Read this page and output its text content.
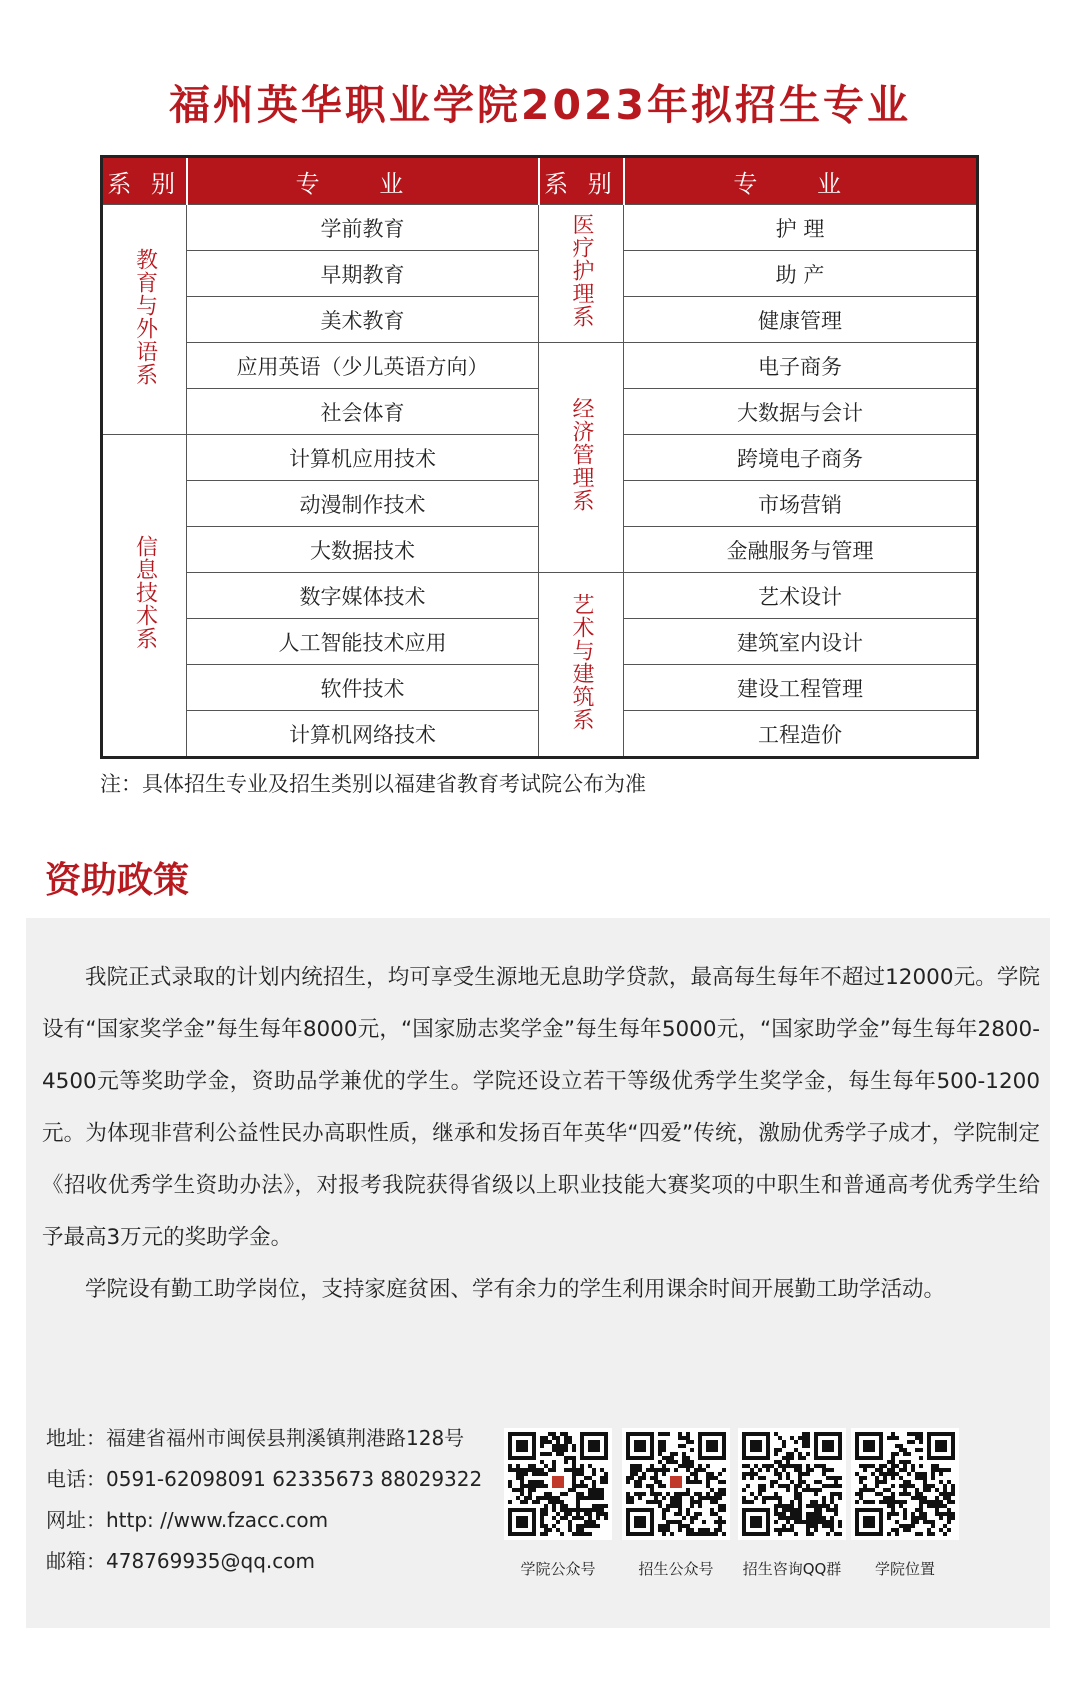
福州英华职业学院2023年拟招生专业
系 别	专 业	系 别	专 业
教育与外语系	学前教育	医疗护理系	护 理
	早期教育		助 产
	美术教育		健康管理
	应用英语（少儿英语方向）	经济管理系	电子商务
	社会体育		大数据与会计
信息技术系	计算机应用技术		跨境电子商务
	动漫制作技术		市场营销
	大数据技术		金融服务与管理
	数字媒体技术	艺术与建筑系	艺术设计
	人工智能技术应用		建筑室内设计
	软件技术		建设工程管理
	计算机网络技术		工程造价
注：具体招生专业及招生类别以福建省教育考试院公布为准
资助政策

我院正式录取的计划内统招生，均可享受生源地无息助学贷款，最高每生每年不超过12000元。学院设有“国家奖学金”每生每年8000元，“国家励志奖学金”每生每年5000元，“国家助学金”每生每年2800-4500元等奖助学金，资助品学兼优的学生。学院还设立若干等级优秀学生奖学金，每生每年500-1200元。为体现非营利公益性民办高职性质，继承和发扬百年英华“四爱”传统，激励优秀学子成才，学院制定《招收优秀学生资助办法》，对报考我院获得省级以上职业技能大赛奖项的中职生和普通高考优秀学生给予最高3万元的奖助学金。

学院设有勤工助学岗位，支持家庭贫困、学有余力的学生利用课余时间开展勤工助学活动。

地址：福建省福州市闽侯县荆溪镇荆港路128号
电话：0591-62098091 62335673 88029322
网址：http: //www.fzacc.com
邮箱：478769935@qq.com	学院公众号	招生公众号	招生咨询QQ群	学院位置
